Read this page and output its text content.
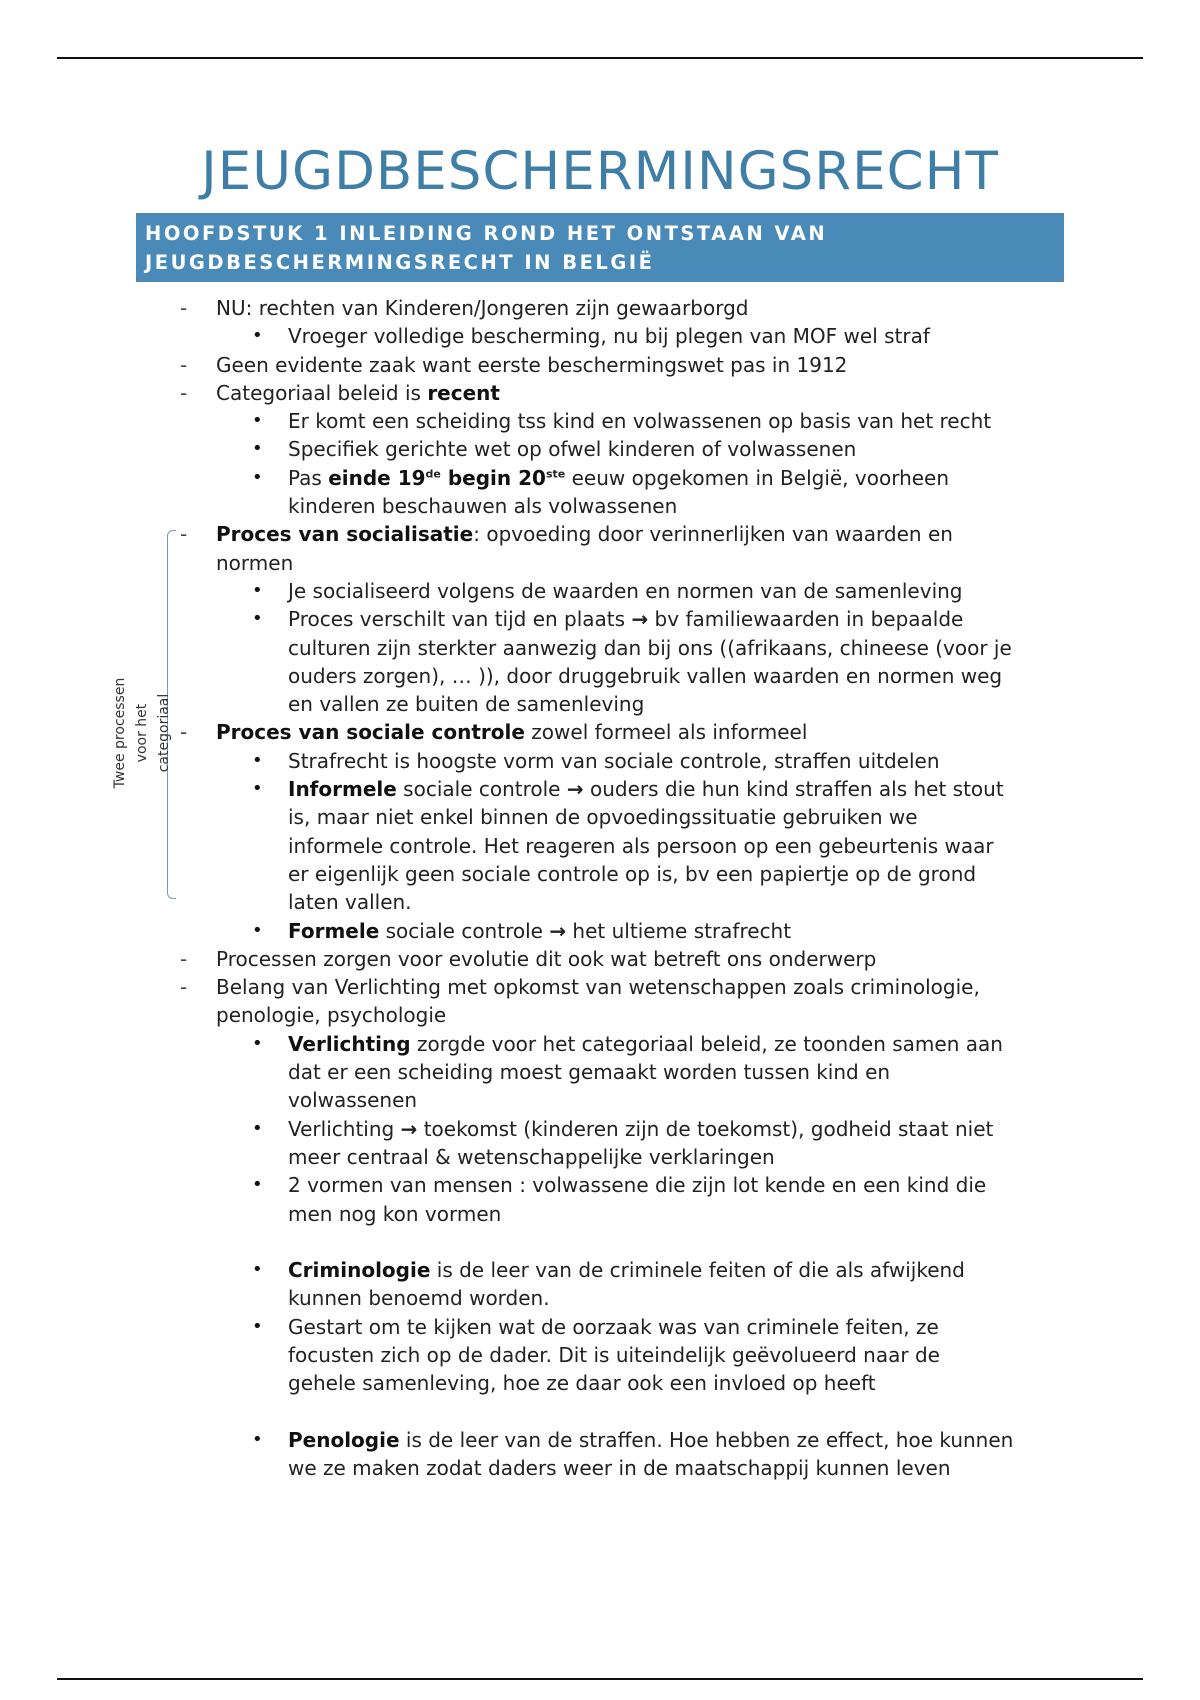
JEUGDBESCHERMINGSRECHT
HOOFDSTUK 1 INLEIDING ROND HET ONTSTAAN VAN
JEUGDBESCHERMINGSRECHT IN BELGIË
Twee processen voor het categoriaal
- NU: rechten van Kinderen/Jongeren zijn gewaarborgd
• Vroeger volledige bescherming, nu bij plegen van MOF wel straf
- Geen evidente zaak want eerste beschermingswet pas in 1912
- Categoriaal beleid is recent
• Er komt een scheiding tss kind en volwassenen op basis van het recht
• Specifiek gerichte wet op ofwel kinderen of volwassenen
• Pas einde 19de begin 20ste eeuw opgekomen in België, voorheen
kinderen beschauwen als volwassenen
- Proces van socialisatie: opvoeding door verinnerlijken van waarden en
normen
• Je socialiseerd volgens de waarden en normen van de samenleving
• Proces verschilt van tijd en plaats → bv familiewaarden in bepaalde
culturen zijn sterkter aanwezig dan bij ons ((afrikaans, chineese (voor je
ouders zorgen), … )), door druggebruik vallen waarden en normen weg
en vallen ze buiten de samenleving
- Proces van sociale controle zowel formeel als informeel
• Strafrecht is hoogste vorm van sociale controle, straffen uitdelen
• Informele sociale controle → ouders die hun kind straffen als het stout
is, maar niet enkel binnen de opvoedingssituatie gebruiken we
informele controle. Het reageren als persoon op een gebeurtenis waar
er eigenlijk geen sociale controle op is, bv een papiertje op de grond
laten vallen.
• Formele sociale controle → het ultieme strafrecht
- Processen zorgen voor evolutie dit ook wat betreft ons onderwerp
- Belang van Verlichting met opkomst van wetenschappen zoals criminologie,
penologie, psychologie
• Verlichting zorgde voor het categoriaal beleid, ze toonden samen aan
dat er een scheiding moest gemaakt worden tussen kind en
volwassenen
• Verlichting → toekomst (kinderen zijn de toekomst), godheid staat niet
meer centraal & wetenschappelijke verklaringen
• 2 vormen van mensen : volwassene die zijn lot kende en een kind die
men nog kon vormen
• Criminologie is de leer van de criminele feiten of die als afwijkend
kunnen benoemd worden.
• Gestart om te kijken wat de oorzaak was van criminele feiten, ze
focusten zich op de dader. Dit is uiteindelijk geëvolueerd naar de
gehele samenleving, hoe ze daar ook een invloed op heeft
• Penologie is de leer van de straffen. Hoe hebben ze effect, hoe kunnen
we ze maken zodat daders weer in de maatschappij kunnen leven
